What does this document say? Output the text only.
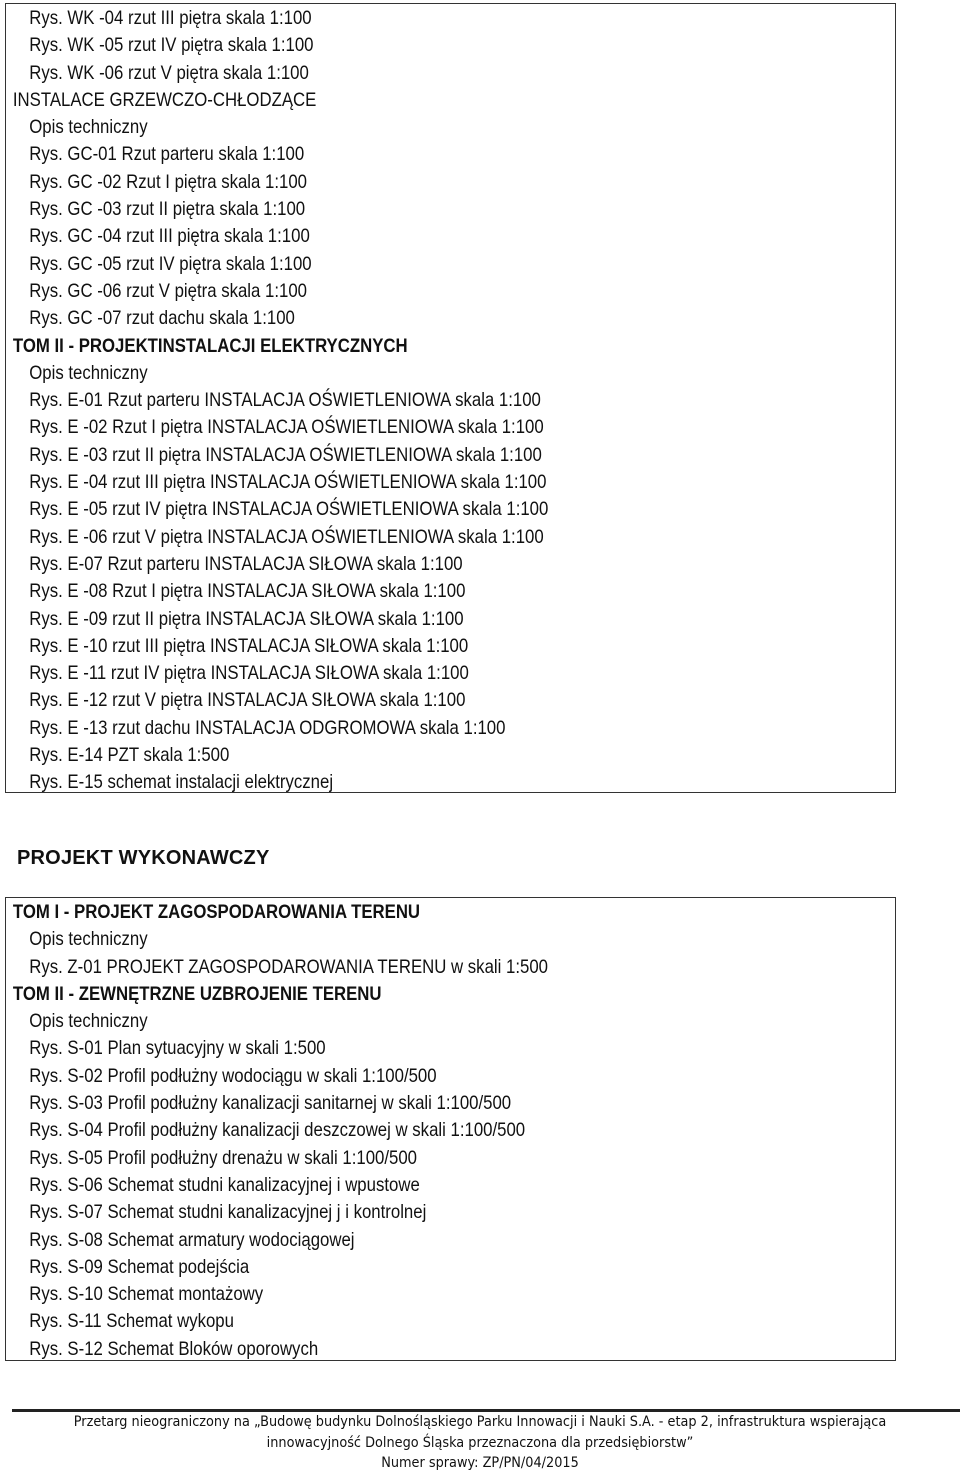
Rys. WK -04 rzut III piętra skala 1:100
Rys. WK -05 rzut IV piętra skala 1:100
Rys. WK -06 rzut V piętra skala 1:100
INSTALACE GRZEWCZO-CHŁODZĄCE
Opis techniczny
Rys. GC-01 Rzut parteru skala 1:100
Rys. GC -02 Rzut I piętra skala 1:100
Rys. GC -03 rzut II piętra skala 1:100
Rys. GC -04 rzut III piętra skala 1:100
Rys. GC -05 rzut IV piętra skala 1:100
Rys. GC -06 rzut V piętra skala 1:100
Rys. GC -07 rzut dachu skala 1:100
TOM II - PROJEKTINSTALACJI ELEKTRYCZNYCH
Opis techniczny
Rys. E-01 Rzut parteru INSTALACJA OŚWIETLENIOWA skala 1:100
Rys. E -02 Rzut I piętra INSTALACJA OŚWIETLENIOWA skala 1:100
Rys. E -03 rzut II piętra INSTALACJA OŚWIETLENIOWA skala 1:100
Rys. E -04 rzut III piętra INSTALACJA OŚWIETLENIOWA skala 1:100
Rys. E -05 rzut IV piętra INSTALACJA OŚWIETLENIOWA skala 1:100
Rys. E -06 rzut V piętra INSTALACJA OŚWIETLENIOWA skala 1:100
Rys. E-07 Rzut parteru INSTALACJA SIŁOWA skala 1:100
Rys. E -08 Rzut I piętra INSTALACJA SIŁOWA skala 1:100
Rys. E -09 rzut II piętra INSTALACJA SIŁOWA skala 1:100
Rys. E -10 rzut III piętra INSTALACJA SIŁOWA skala 1:100
Rys. E -11 rzut IV piętra INSTALACJA SIŁOWA skala 1:100
Rys. E -12 rzut V piętra INSTALACJA SIŁOWA skala 1:100
Rys. E -13 rzut dachu INSTALACJA ODGROMOWA skala 1:100
Rys. E-14 PZT skala 1:500
Rys. E-15 schemat instalacji elektrycznej
PROJEKT WYKONAWCZY
TOM I - PROJEKT ZAGOSPODAROWANIA TERENU
Opis techniczny
Rys. Z-01 PROJEKT ZAGOSPODAROWANIA TERENU w skali 1:500
TOM II - ZEWNĘTRZNE UZBROJENIE TERENU
Opis techniczny
Rys. S-01 Plan sytuacyjny w skali 1:500
Rys. S-02 Profil podłużny wodociągu w skali 1:100/500
Rys. S-03 Profil podłużny kanalizacji sanitarnej w skali 1:100/500
Rys. S-04 Profil podłużny kanalizacji deszczowej w skali 1:100/500
Rys. S-05 Profil podłużny drenażu w skali 1:100/500
Rys. S-06 Schemat studni kanalizacyjnej i wpustowe
Rys. S-07 Schemat studni kanalizacyjnej j i kontrolnej
Rys. S-08 Schemat armatury wodociągowej
Rys. S-09 Schemat podejścia
Rys. S-10 Schemat montażowy
Rys. S-11 Schemat wykopu
Rys. S-12 Schemat Bloków oporowych
Przetarg nieograniczony na „Budowę budynku Dolnośląskiego Parku Innowacji i Nauki S.A. - etap 2, infrastruktura wspierająca
innowacyjność Dolnego Śląska przeznaczona dla przedsiębiorstw”
Numer sprawy: ZP/PN/04/2015
